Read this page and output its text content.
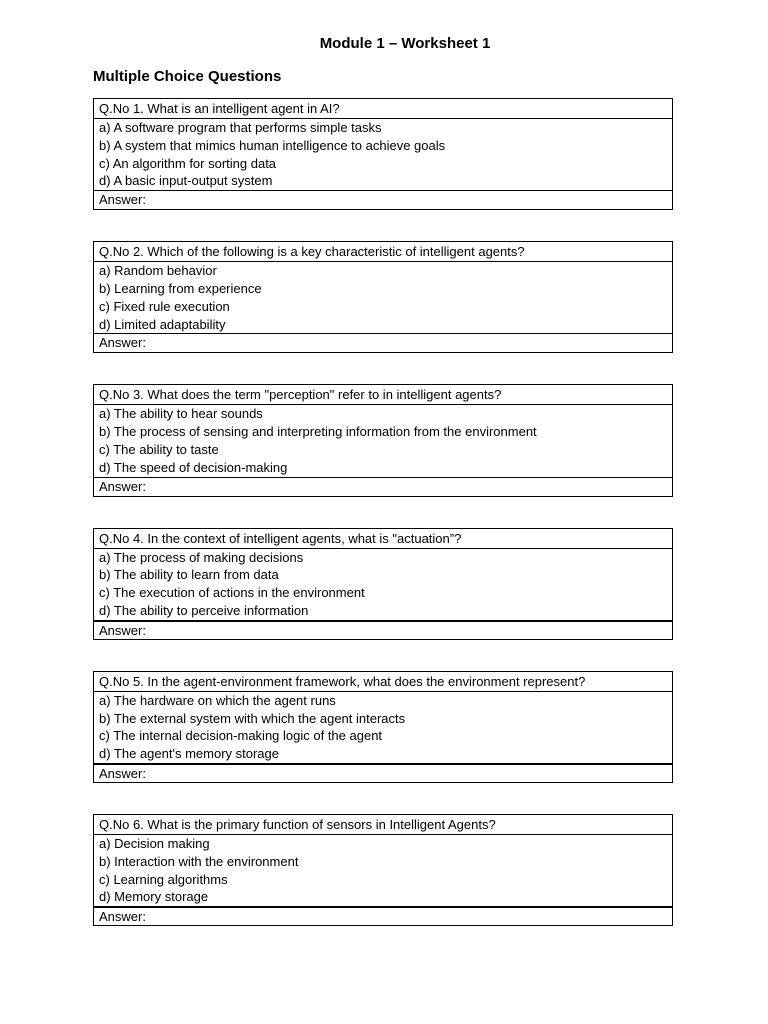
Module 1 – Worksheet 1
Multiple Choice Questions
Q.No 1. What is an intelligent agent in AI?
a) A software program that performs simple tasks
b) A system that mimics human intelligence to achieve goals
c) An algorithm for sorting data
d) A basic input-output system
Answer:
Q.No 2. Which of the following is a key characteristic of intelligent agents?
a) Random behavior
b) Learning from experience
c) Fixed rule execution
d) Limited adaptability
Answer:
Q.No 3. What does the term "perception" refer to in intelligent agents?
a) The ability to hear sounds
b) The process of sensing and interpreting information from the environment
c) The ability to taste
d) The speed of decision-making
Answer:
Q.No 4. In the context of intelligent agents, what is "actuation”?
a) The process of making decisions
b) The ability to learn from data
c) The execution of actions in the environment
d) The ability to perceive information
Answer:
Q.No 5. In the agent-environment framework, what does the environment represent?
a) The hardware on which the agent runs
b) The external system with which the agent interacts
c) The internal decision-making logic of the agent
d) The agent's memory storage
Answer:
Q.No 6. What is the primary function of sensors in Intelligent Agents?
a) Decision making
b) Interaction with the environment
c) Learning algorithms
d) Memory storage
Answer:
